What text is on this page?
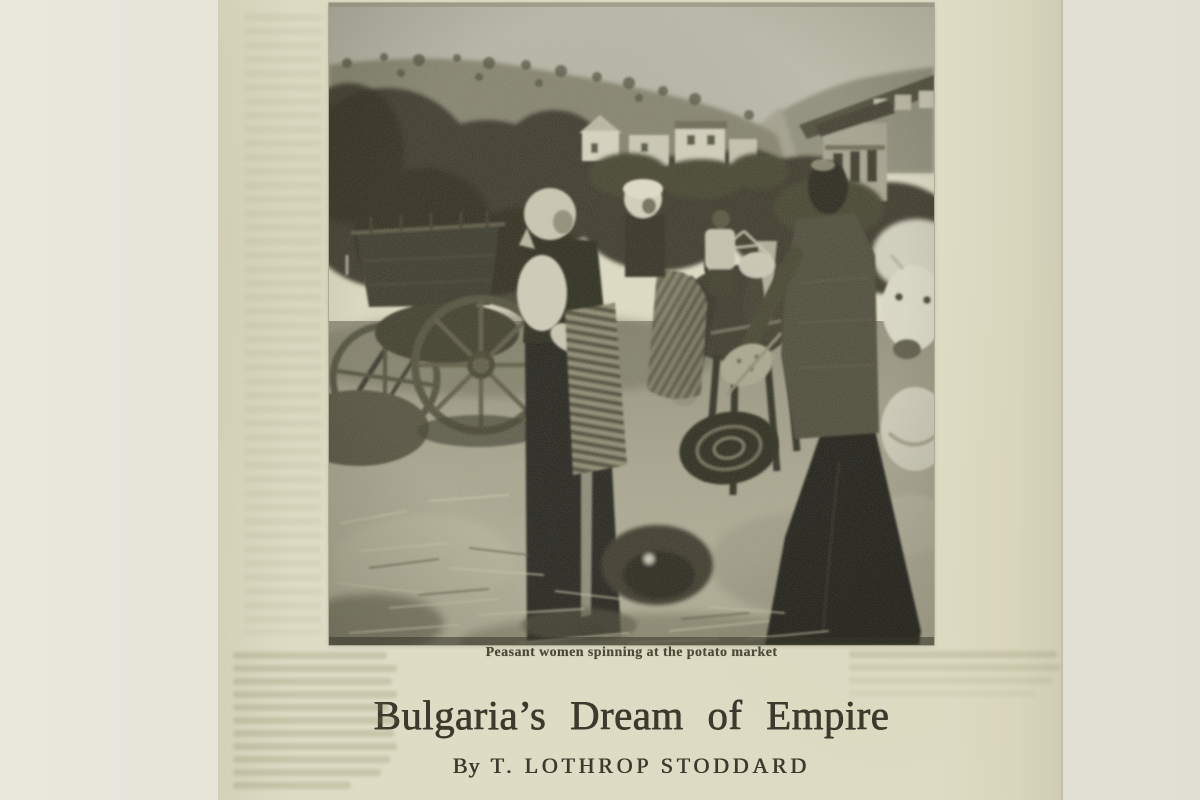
Peasant women spinning at the potato market
Bulgaria’s Dream of Empire
By T. LOTHROP STODDARD
